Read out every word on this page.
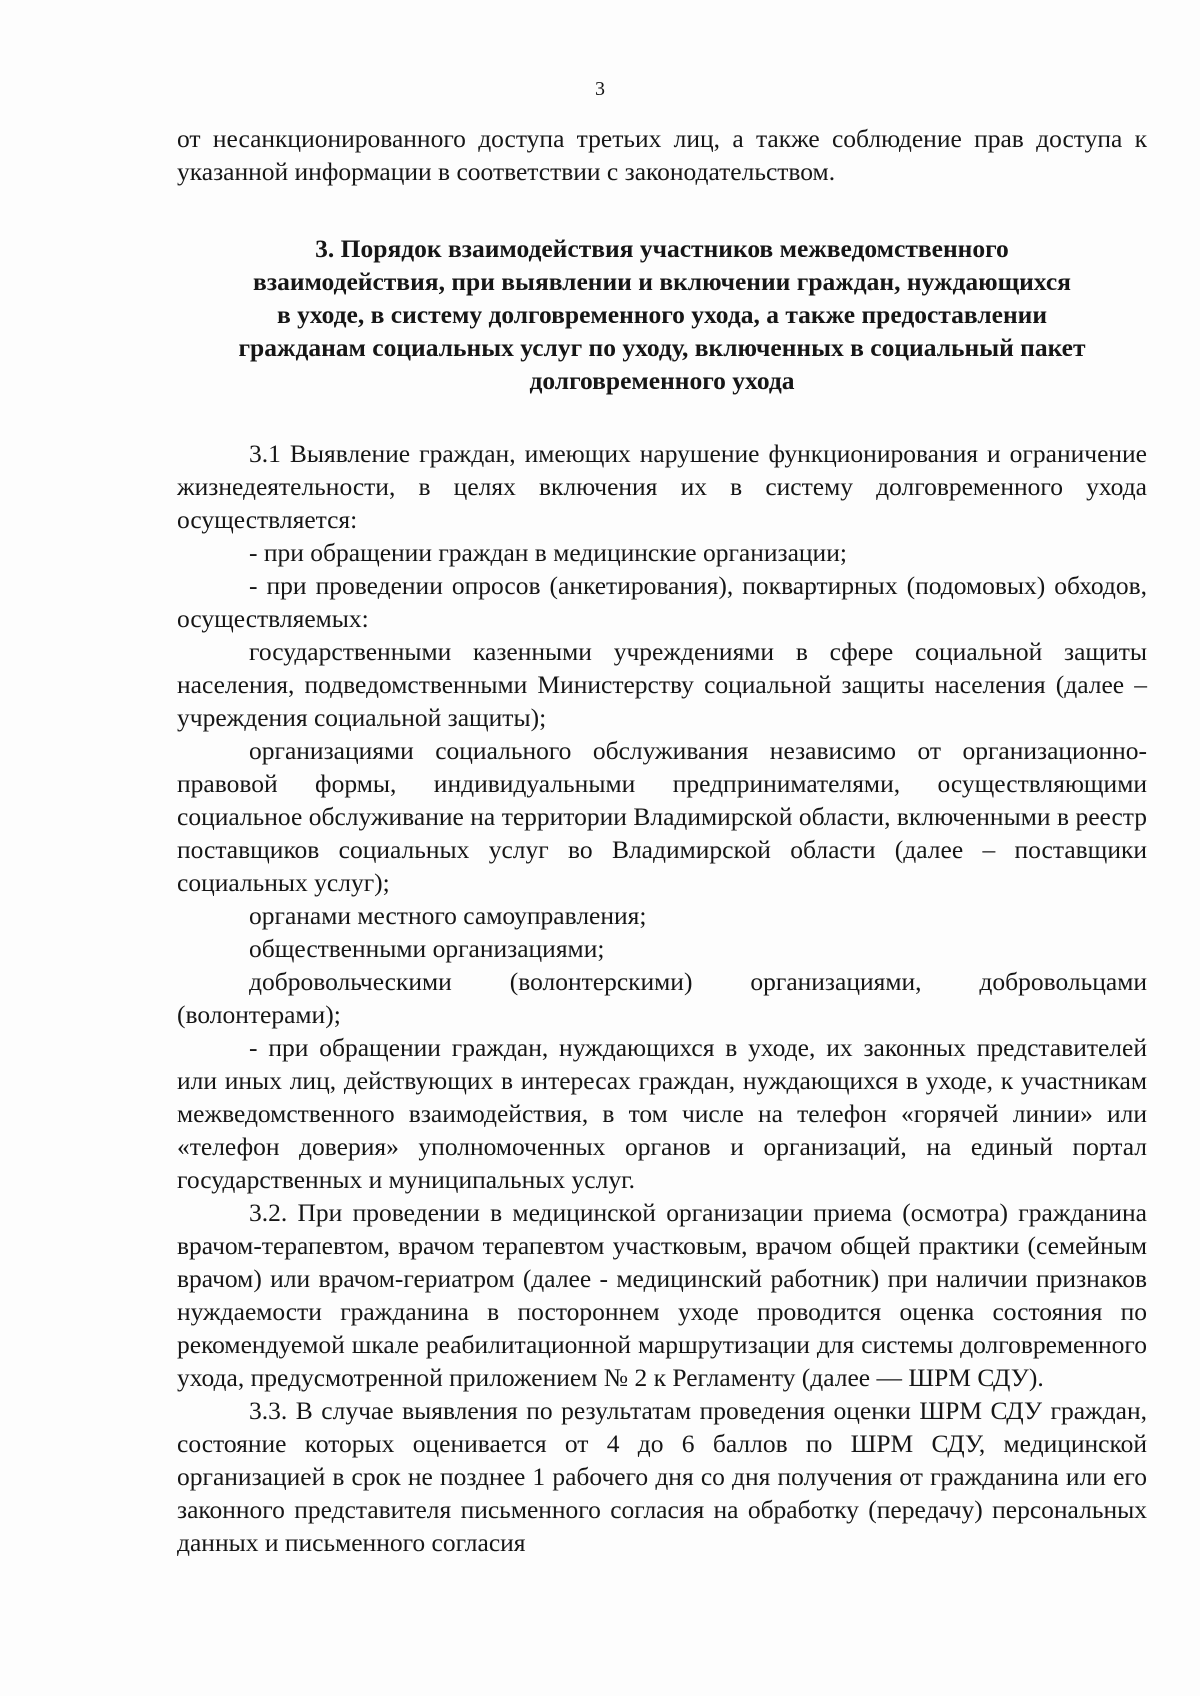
3

от несанкционированного доступа третьих лиц, а также соблюдение прав доступа к указанной информации в соответствии с законодательством.

3. Порядок взаимодействия участников межведомственного
взаимодействия, при выявлении и включении граждан, нуждающихся
в уходе, в систему долговременного ухода, а также предоставлении
гражданам социальных услуг по уходу, включенных в социальный пакет
долговременного ухода

3.1 Выявление граждан, имеющих нарушение функционирования и ограничение жизнедеятельности, в целях включения их в систему долговременного ухода осуществляется:

- при обращении граждан в медицинские организации;

- при проведении опросов (анкетирования), поквартирных (подомовых) обходов, осуществляемых:

государственными казенными учреждениями в сфере социальной защиты населения, подведомственными Министерству социальной защиты населения (далее – учреждения социальной защиты);

организациями социального обслуживания независимо от организационно-правовой формы, индивидуальными предпринимателями, осуществляющими социальное обслуживание на территории Владимирской области, включенными в реестр поставщиков социальных услуг во Владимирской области (далее – поставщики социальных услуг);

органами местного самоуправления;

общественными организациями;

добровольческими (волонтерскими) организациями, добровольцами (волонтерами);

- при обращении граждан, нуждающихся в уходе, их законных представителей или иных лиц, действующих в интересах граждан, нуждающихся в уходе, к участникам межведомственного взаимодействия, в том числе на телефон «горячей линии» или «телефон доверия» уполномоченных органов и организаций, на единый портал государственных и муниципальных услуг.

3.2. При проведении в медицинской организации приема (осмотра) гражданина врачом-терапевтом, врачом терапевтом участковым, врачом общей практики (семейным врачом) или врачом-гериатром (далее - медицинский работник) при наличии признаков нуждаемости гражданина в постороннем уходе проводится оценка состояния по рекомендуемой шкале реабилитационной маршрутизации для системы долговременного ухода, предусмотренной приложением № 2 к Регламенту (далее — ШРМ СДУ).

3.3. В случае выявления по результатам проведения оценки ШРМ СДУ граждан, состояние которых оценивается от 4 до 6 баллов по ШРМ СДУ, медицинской организацией в срок не позднее 1 рабочего дня со дня получения от гражданина или его законного представителя письменного согласия на обработку (передачу) персональных данных и письменного согласия
